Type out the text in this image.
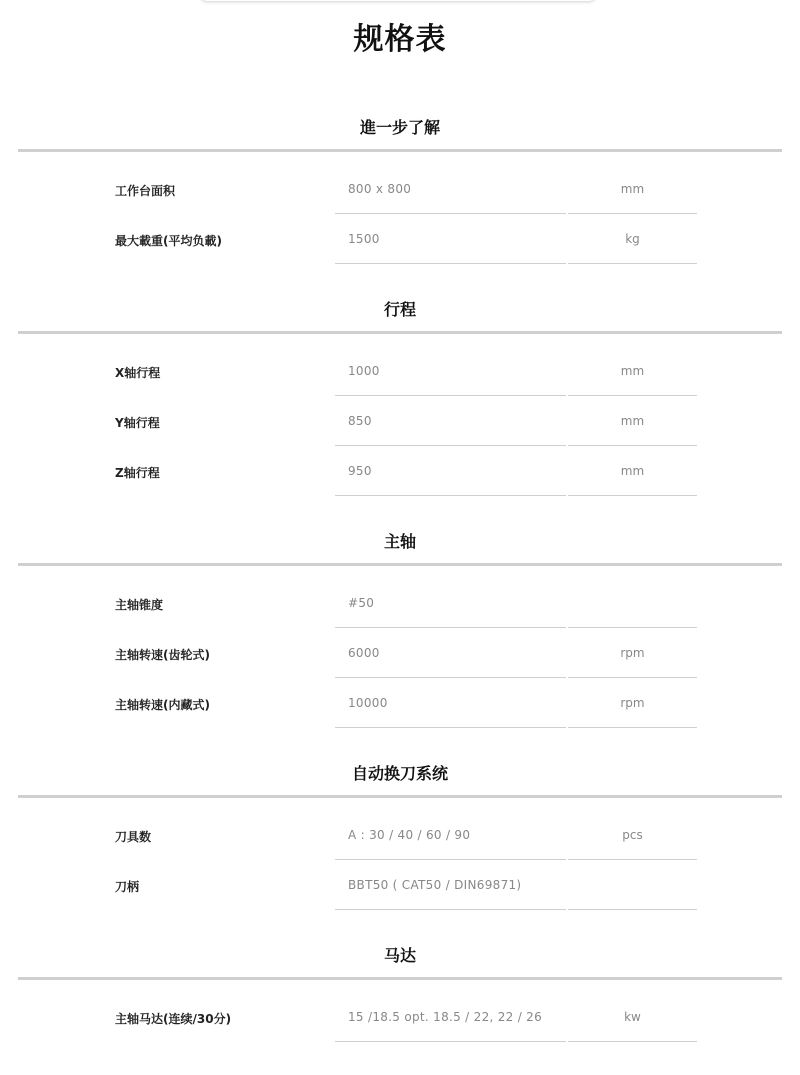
规格表
進一步了解
工作台面积	800 x 800	mm
最大載重(平均负載)	1500	kg
行程
X轴行程	1000	mm
Y轴行程	850	mm
Z轴行程	950	mm
主轴
主轴锥度	#50
主轴转速(齿轮式)	6000	rpm
主轴转速(内藏式)	10000	rpm
自动换刀系统
刀具数	A : 30 / 40 / 60 / 90	pcs
刀柄	BBT50 ( CAT50 / DIN69871)
马达
主轴马达(连续/30分)	15 /18.5 opt. 18.5 / 22, 22 / 26	kw
